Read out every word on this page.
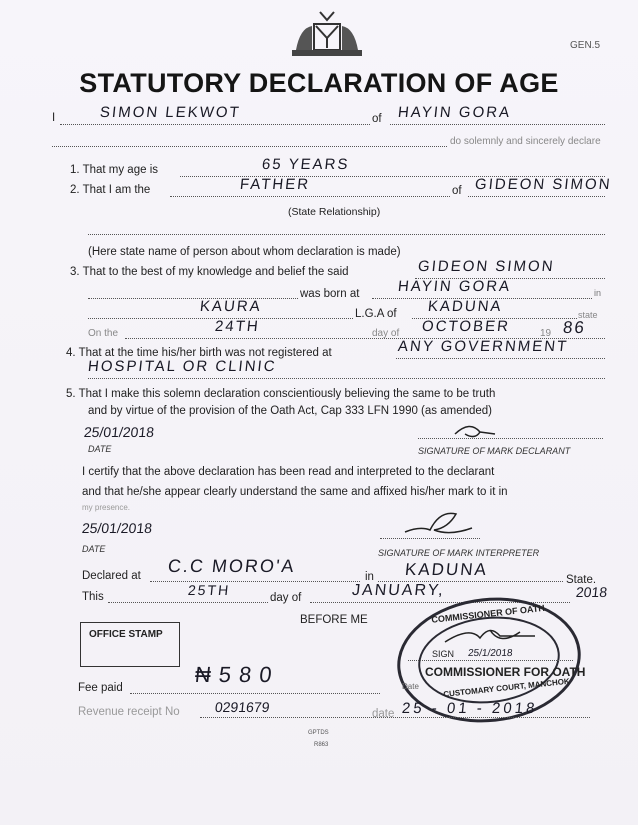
GEN.5
STATUTORY DECLARATION OF AGE
I	SIMON LEKWOT	of HAYIN GORA
do solemnly and sincerely declare
1. That my age is	65 YEARS
2. That I am the	FATHER	of GIDEON SIMON
(State Relationship)
(Here state name of person about whom declaration is made)
3. That to the best of my knowledge and belief the said	GIDEON SIMON
was born at	HAYIN GORA	in
KAURA	L.G.A of KADUNA	state
On the	24TH	day of OCTOBER	19 86
4. That at the time his/her birth was not registered at	ANY GOVERNMENT
HOSPITAL OR CLINIC
5. That I make this solemn declaration conscientiously believing the same to be truth
and by virtue of the provision of the Oath Act, Cap 333 LFN 1990 (as amended)
25/01/2018
DATE	SIGNATURE OF MARK DECLARANT
I certify that the above declaration has been read and interpreted to the declarant
and that he/she appear clearly understand the same and affixed his/her mark to it in
my presence.
25/01/2018
DATE	SIGNATURE OF MARK INTERPRETER
Declared at C.C MORO'A
in KADUNA
State.
This	25TH	day of	JANUARY,	2018
BEFORE ME
OFFICE STAMP
COMMISSIONER OF OATH
CUSTOMARY COURT, MANCHOK
SIGN 25/1/2018
COMMISSIONER FOR OATH
Date
Fee paid
₦580
Revenue receipt No 0291679	date 25 - 01 - 2018
GPTDS
R863
